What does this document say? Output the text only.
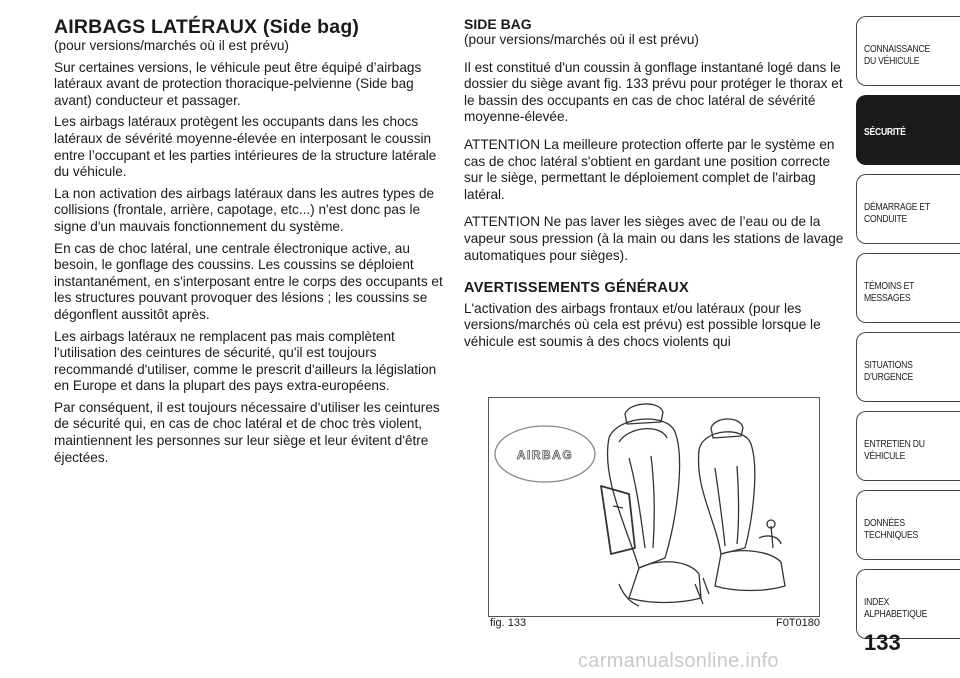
AIRBAGS LATÉRAUX (Side bag)

(pour versions/marchés où il est prévu)

Sur certaines versions, le véhicule peut être équipé d’airbags latéraux avant de protection thoracique-pelvienne (Side bag avant) conducteur et passager.

Les airbags latéraux protègent les occupants dans les chocs latéraux de sévérité moyenne-élevée en interposant le coussin entre l’occupant et les parties intérieures de la structure latérale du véhicule.

La non activation des airbags latéraux dans les autres types de collisions (frontale, arrière, capotage, etc...) n'est donc pas le signe d'un mauvais fonctionnement du système.

En cas de choc latéral, une centrale électronique active, au besoin, le gonflage des coussins. Les coussins se déploient instantanément, en s'interposant entre le corps des occupants et les structures pouvant provoquer des lésions ; les coussins se dégonflent aussitôt après.

Les airbags latéraux ne remplacent pas mais complètent l'utilisation des ceintures de sécurité, qu'il est toujours recommandé d'utiliser, comme le prescrit d'ailleurs la législation en Europe et dans la plupart des pays extra-européens.

Par conséquent, il est toujours nécessaire d'utiliser les ceintures de sécurité qui, en cas de choc latéral et de choc très violent, maintiennent les personnes sur leur siège et leur évitent d'être éjectées.

SIDE BAG

(pour versions/marchés où il est prévu)

Il est constitué d'un coussin à gonflage instantané logé dans le dossier du siège avant fig. 133 prévu pour protéger le thorax et le bassin des occupants en cas de choc latéral de sévérité moyenne-élevée.

ATTENTION La meilleure protection offerte par le système en cas de choc latéral s'obtient en gardant une position correcte sur le siège, permettant le déploiement complet de l'airbag latéral.

ATTENTION Ne pas laver les sièges avec de l’eau ou de la vapeur sous pression (à la main ou dans les stations de lavage automatiques pour sièges).

AVERTISSEMENTS GÉNÉRAUX

L'activation des airbags frontaux et/ou latéraux (pour les versions/marchés où cela est prévu) est possible lorsque le véhicule est soumis à des chocs violents qui

AIRBAG
fig. 133	F0T0180
CONNAISSANCE
DU VÉHICULE
SÉCURITÉ
DÉMARRAGE ET
CONDUITE
TÉMOINS ET
MESSAGES
SITUATIONS
D’URGENCE
ENTRETIEN DU
VÉHICULE
DONNÉES
TECHNIQUES
INDEX
ALPHABETIQUE
133
carmanualsonline.info
